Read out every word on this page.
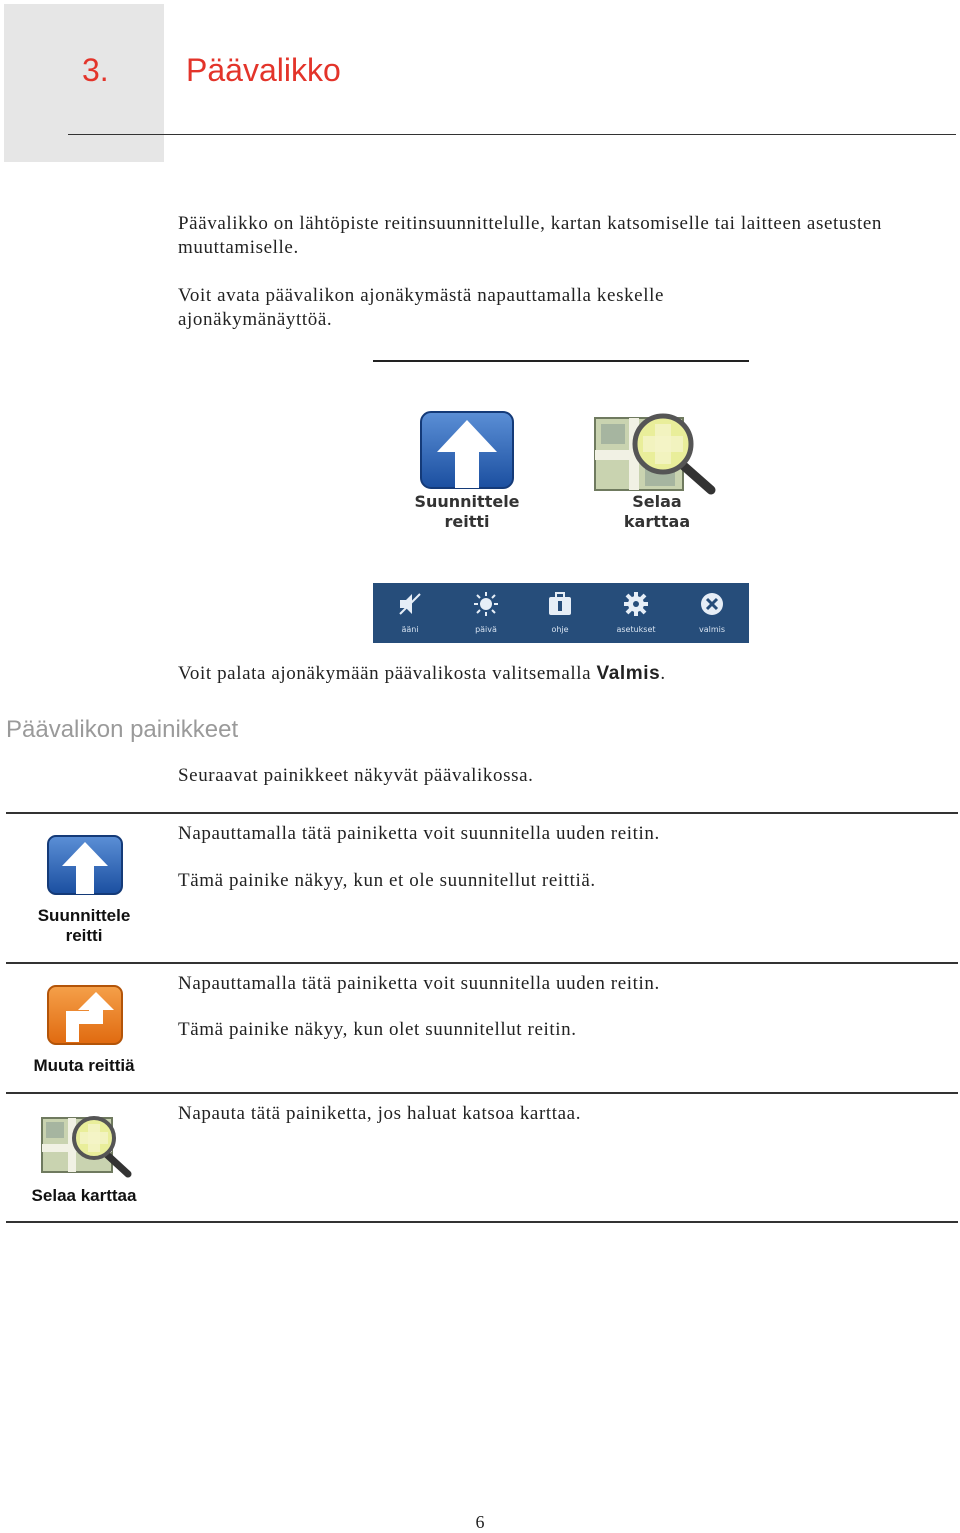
3. Päävalikko
Päävalikko on lähtöpiste reitinsuunnittelulle, kartan katsomiselle tai laitteen asetusten muuttamiselle.
Voit avata päävalikon ajonäkymästä napauttamalla keskelle ajonäkymänäyttöä.
Suunnittele
reitti
Selaa
karttaa
ääni	päivä	ohje	asetukset	valmis
Voit palata ajonäkymään päävalikosta valitsemalla Valmis.
Päävalikon painikkeet
Seuraavat painikkeet näkyvät päävalikossa.
Suunnittele
reitti
Napauttamalla tätä painiketta voit suunnitella uuden reitin.
Tämä painike näkyy, kun et ole suunnitellut reittiä.
Muuta reittiä
Napauttamalla tätä painiketta voit suunnitella uuden reitin.
Tämä painike näkyy, kun olet suunnitellut reitin.
Selaa karttaa
Napauta tätä painiketta, jos haluat katsoa karttaa.
6
